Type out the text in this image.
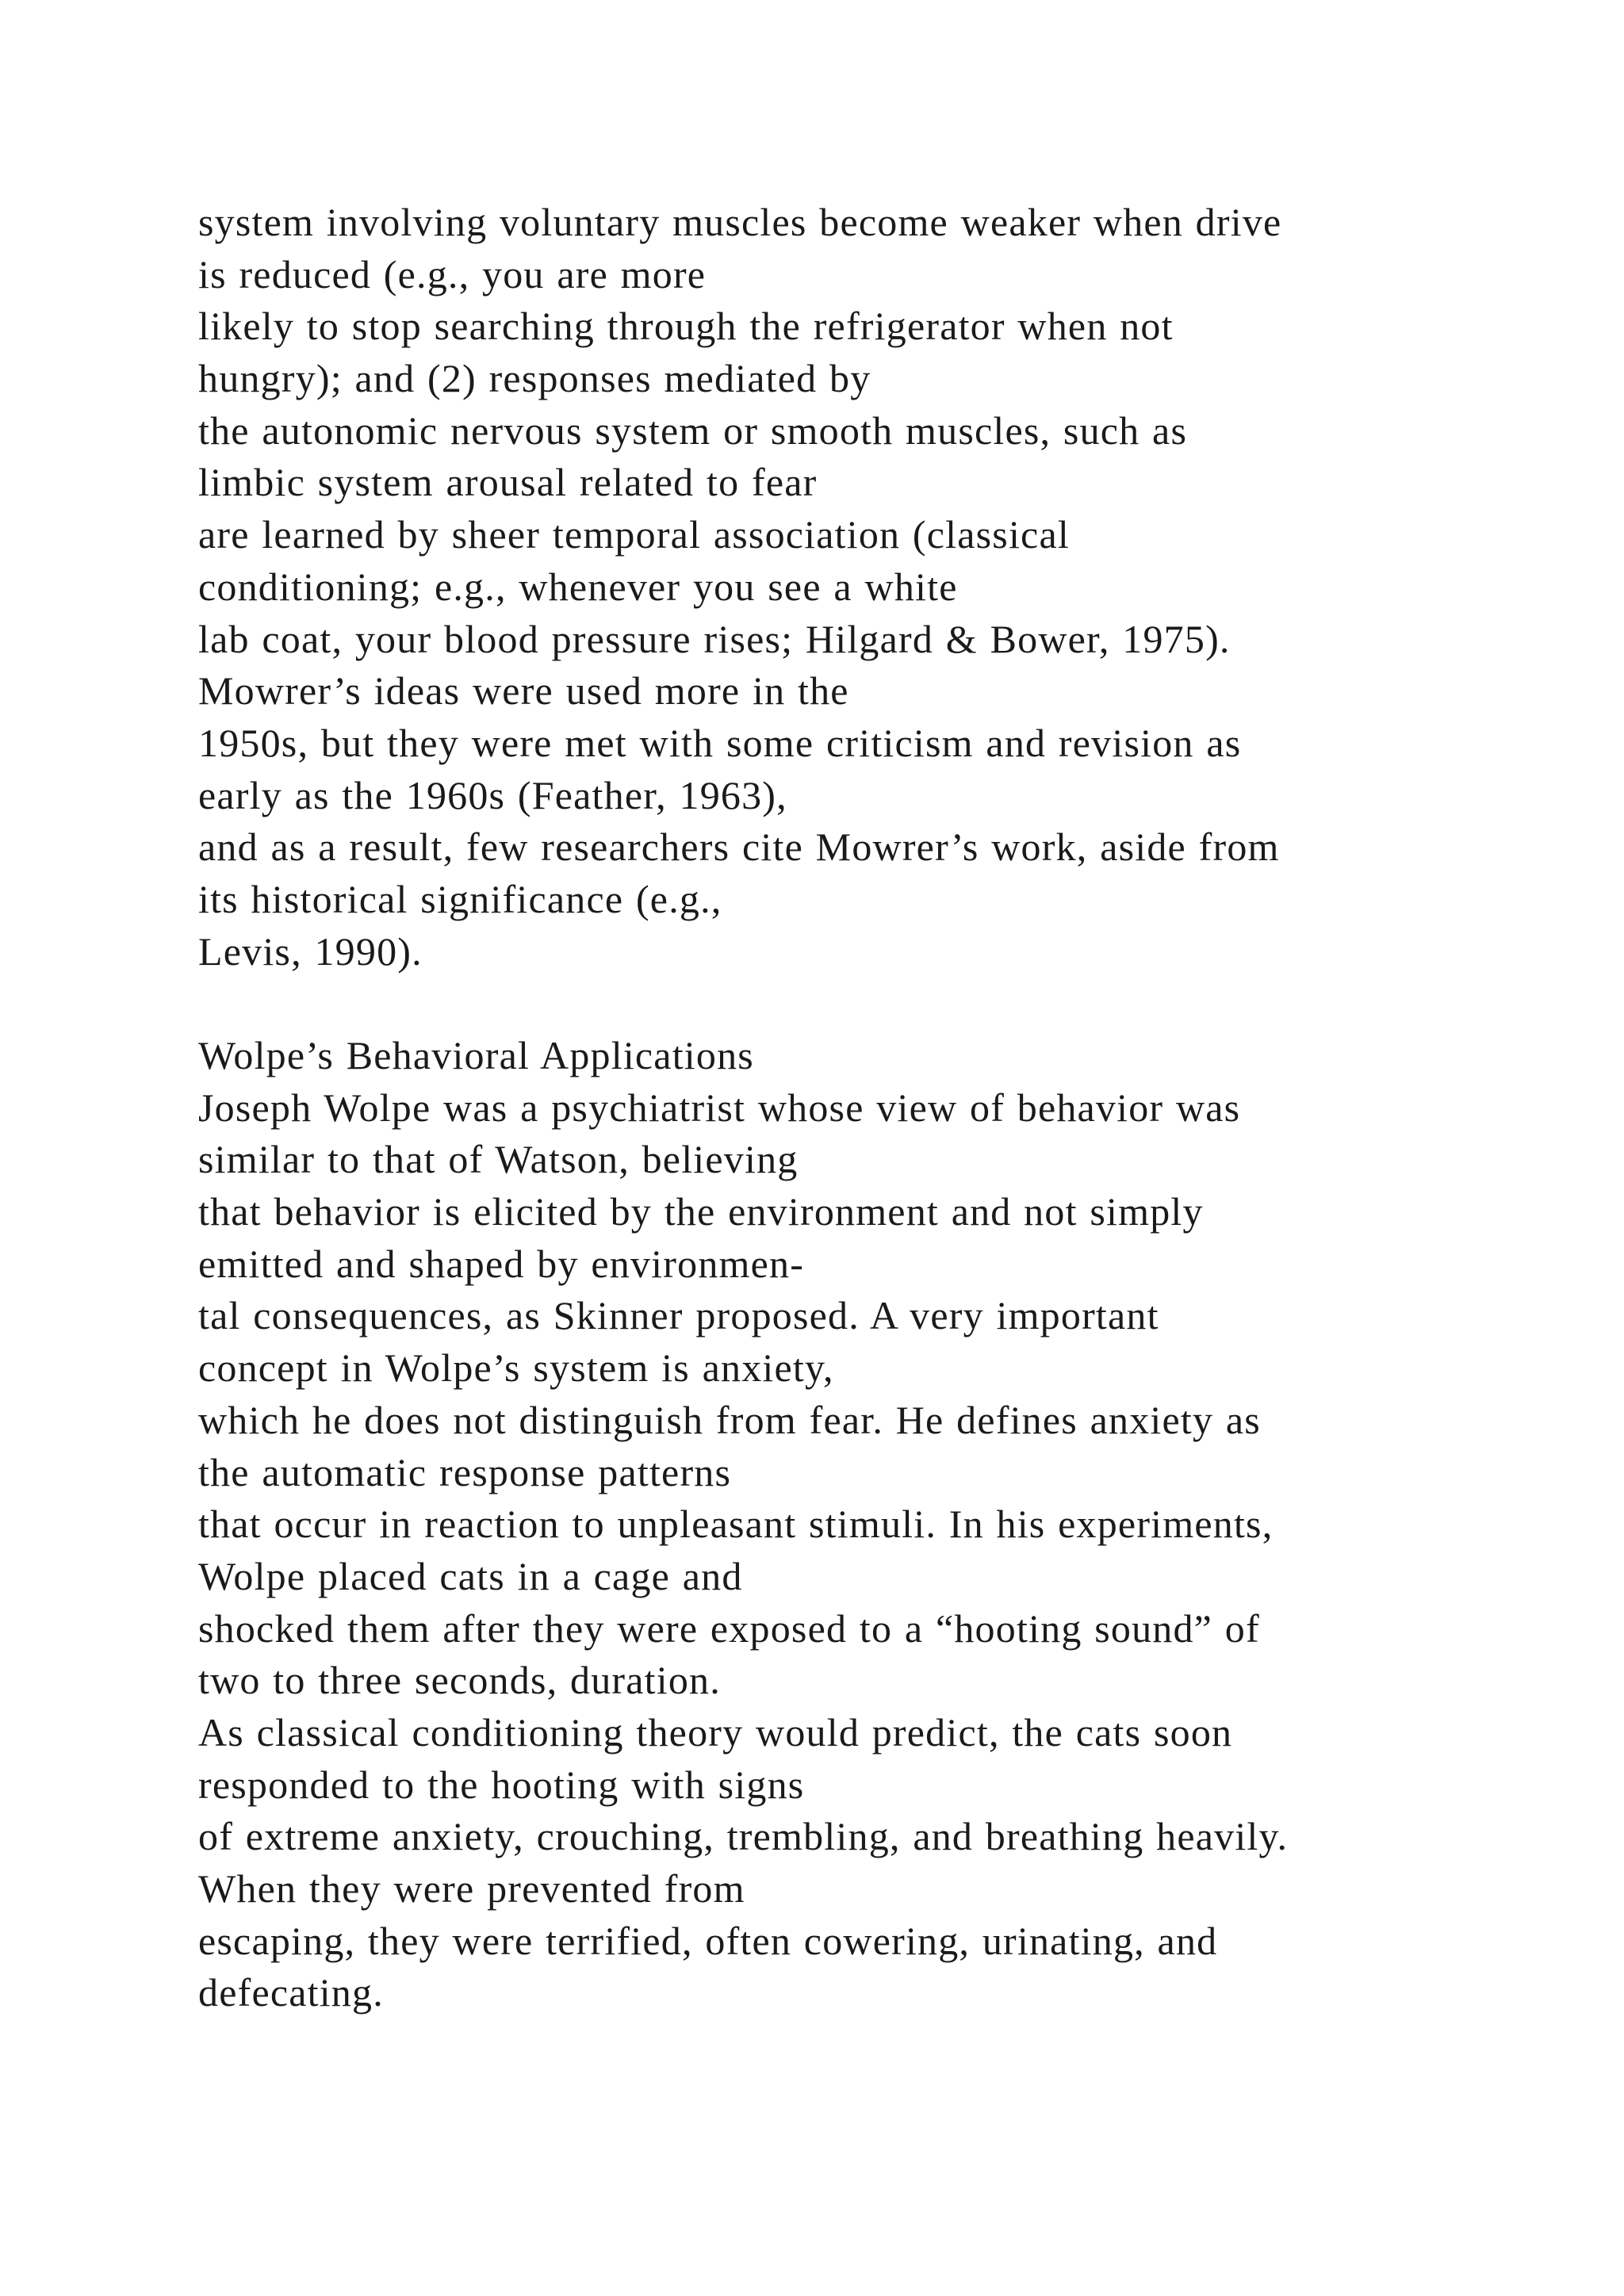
system involving voluntary muscles become weaker when drive
is reduced (e.g., you are more
likely to stop searching through the refrigerator when not
hungry); and (2) responses mediated by
the autonomic nervous system or smooth muscles, such as
limbic system arousal related to fear
are learned by sheer temporal association (classical
conditioning; e.g., whenever you see a white
lab coat, your blood pressure rises; Hilgard & Bower, 1975).
Mowrer’s ideas were used more in the
1950s, but they were met with some criticism and revision as
early as the 1960s (Feather, 1963),
and as a result, few researchers cite Mowrer’s work, aside from
its historical significance (e.g.,
Levis, 1990).
Wolpe’s Behavioral Applications
Joseph Wolpe was a psychiatrist whose view of behavior was
similar to that of Watson, believing
that behavior is elicited by the environment and not simply
emitted and shaped by environmen-
tal consequences, as Skinner proposed. A very important
concept in Wolpe’s system is anxiety,
which he does not distinguish from fear. He defines anxiety as
the automatic response patterns
that occur in reaction to unpleasant stimuli. In his experiments,
Wolpe placed cats in a cage and
shocked them after they were exposed to a “hooting sound” of
two to three seconds, duration.
As classical conditioning theory would predict, the cats soon
responded to the hooting with signs
of extreme anxiety, crouching, trembling, and breathing heavily.
When they were prevented from
escaping, they were terrified, often cowering, urinating, and
defecating.
